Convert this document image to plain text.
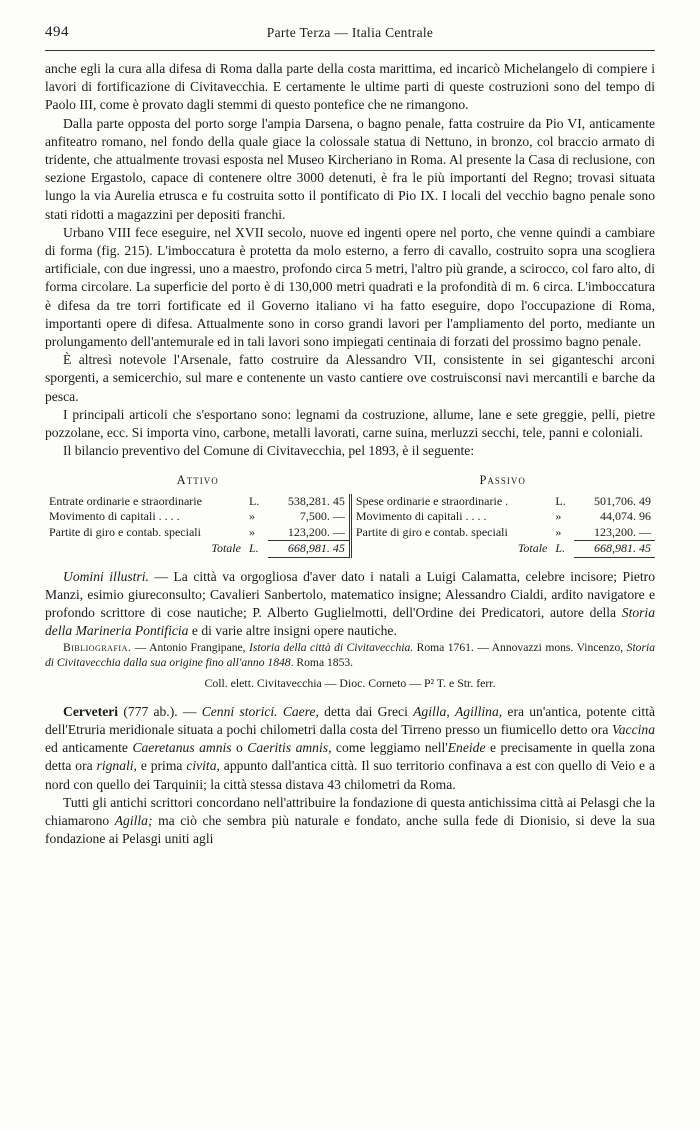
494	Parte Terza — Italia Centrale

anche egli la cura alla difesa di Roma dalla parte della costa marittima, ed incaricò Michelangelo di compiere i lavori di fortificazione di Civitavecchia. E certamente le ultime parti di queste costruzioni sono del tempo di Paolo III, come è provato dagli stemmi di questo pontefice che ne rimangono.

Dalla parte opposta del porto sorge l'ampia Darsena, o bagno penale, fatta costruire da Pio VI, anticamente anfiteatro romano, nel fondo della quale giace la colossale statua di Nettuno, in bronzo, col braccio armato di tridente, che attualmente trovasi esposta nel Museo Kircheriano in Roma. Al presente la Casa di reclusione, con sezione Ergastolo, capace di contenere oltre 3000 detenuti, è fra le più importanti del Regno; trovasi situata lungo la via Aurelia etrusca e fu costruita sotto il pontificato di Pio IX. I locali del vecchio bagno penale sono stati ridotti a magazzini per depositi franchi.

Urbano VIII fece eseguire, nel XVII secolo, nuove ed ingenti opere nel porto, che venne quindi a cambiare di forma (fig. 215). L'imboccatura è protetta da molo esterno, a ferro di cavallo, costruito sopra una scogliera artificiale, con due ingressi, uno a maestro, profondo circa 5 metri, l'altro più grande, a scirocco, col faro alto, di forma circolare. La superficie del porto è di 130,000 metri quadrati e la profondità di m. 6 circa. L'imboccatura è difesa da tre torri fortificate ed il Governo italiano vi ha fatto eseguire, dopo l'occupazione di Roma, importanti opere di difesa. Attualmente sono in corso grandi lavori per l'ampliamento del porto, mediante un prolungamento dell'antemurale ed in tali lavori sono impiegati centinaia di forzati del prossimo bagno penale.

È altresì notevole l'Arsenale, fatto costruire da Alessandro VII, consistente in sei giganteschi arconi sporgenti, a semicerchio, sul mare e contenente un vasto cantiere ove costruisconsi navi mercantili e barche da pesca.

I principali articoli che s'esportano sono: legnami da costruzione, allume, lane e sete greggie, pelli, pietre pozzolane, ecc. Si importa vino, carbone, metalli lavorati, carne suina, merluzzi secchi, tele, panni e coloniali.

Il bilancio preventivo del Comune di Civitavecchia, pel 1893, è il seguente:

Attivo			Passivo		
Entrate ordinarie e straordinarie	L.	538,281. 45	Spese ordinarie e straordinarie .	L.	501,706. 49
Movimento di capitali . . . .	»	7,500. —	Movimento di capitali . . . .	»	44,074. 96
Partite di giro e contab. speciali	»	123,200. —	Partite di giro e contab. speciali	»	123,200. —
Totale	L.	668,981. 45	Totale	L.	668,981. 45

Uomini illustri. — La città va orgogliosa d'aver dato i natali a Luigi Calamatta, celebre incisore; Pietro Manzi, esimio giureconsulto; Cavalieri Sanbertolo, matematico insigne; Alessandro Cialdi, ardito navigatore e profondo scrittore di cose nautiche; P. Alberto Guglielmotti, dell'Ordine dei Predicatori, autore della Storia della Marineria Pontificia e di varie altre insigni opere nautiche.

Bibliografia. — Antonio Frangipane, Istoria della città di Civitavecchia. Roma 1761. — Annovazzi mons. Vincenzo, Storia di Civitavecchia dalla sua origine fino all'anno 1848. Roma 1853.

Coll. elett. Civitavecchia — Dioc. Corneto — P² T. e Str. ferr.

Cerveteri (777 ab.). — Cenni storici. Caere, detta dai Greci Agilla, Agillina, era un'antica, potente città dell'Etruria meridionale situata a pochi chilometri dalla costa del Tirreno presso un fiumicello detto ora Vaccina ed anticamente Caeretanus amnis o Caeritis amnis, come leggiamo nell'Eneide e precisamente in quella zona detta ora rignali, e prima civita, appunto dall'antica città. Il suo territorio confinava a est con quello di Veio e a nord con quello dei Tarquinii; la città stessa distava 43 chilometri da Roma.

Tutti gli antichi scrittori concordano nell'attribuire la fondazione di questa antichissima città ai Pelasgi che la chiamarono Agilla; ma ciò che sembra più naturale e fondato, anche sulla fede di Dionisio, si deve la sua fondazione ai Pelasgi uniti agli
